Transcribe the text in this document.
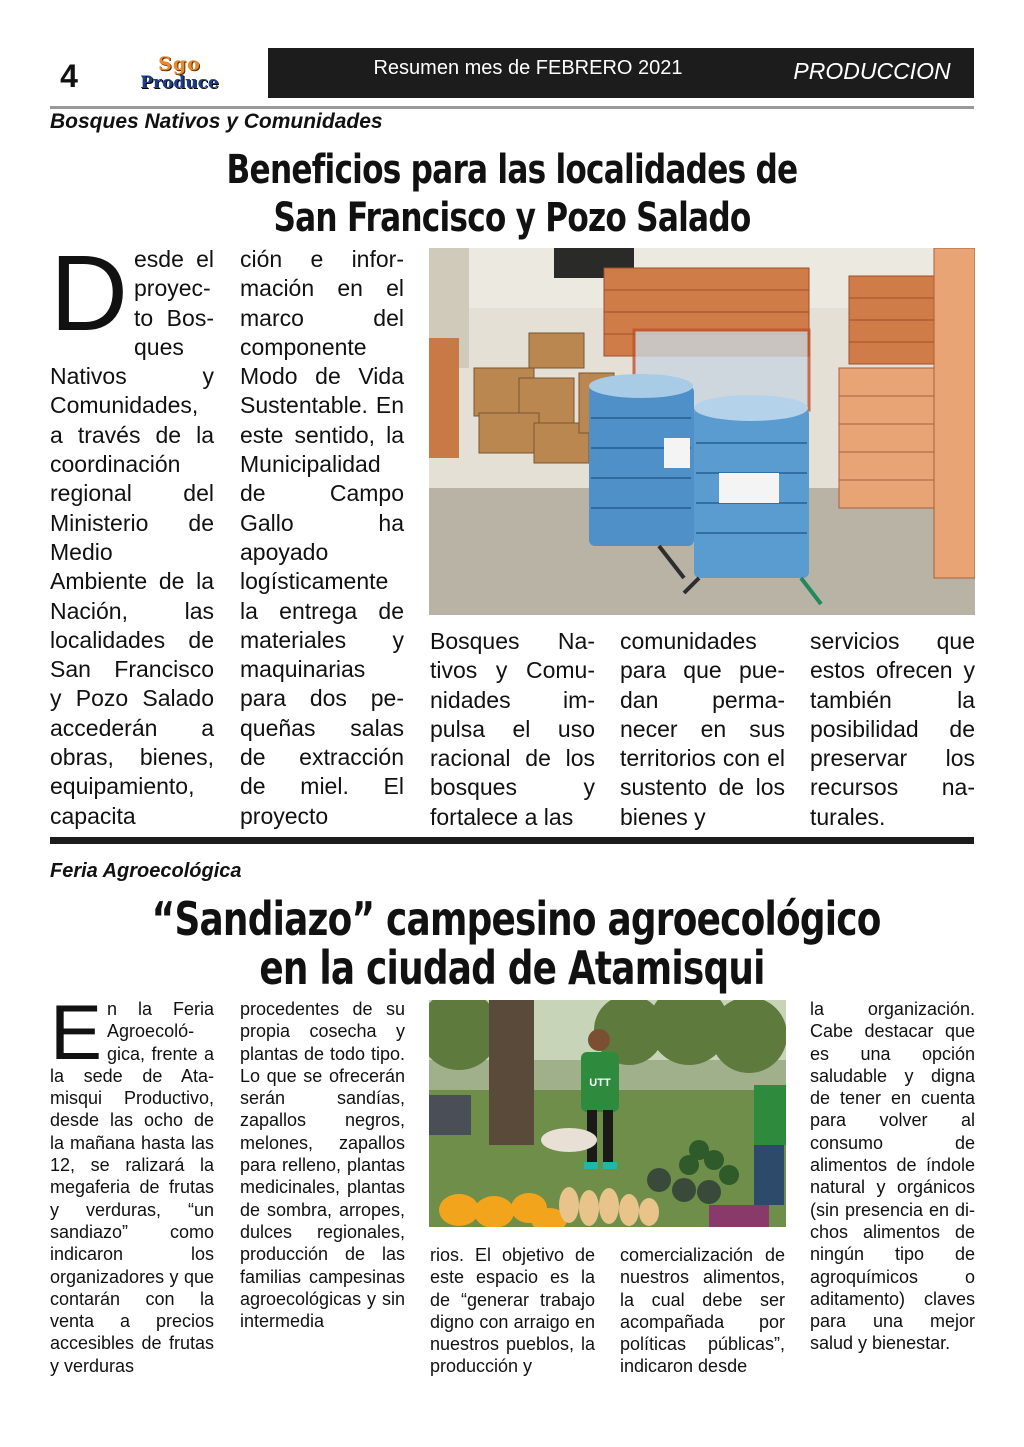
4	Sgo
Produce
Resumen mes de FEBRERO 2021	PRODUCCION
Bosques Nativos y Comunidades
Beneficios para las localidades de
San Francisco y Pozo Salado
Desde el proyecto Bosques Nativos y Comunidades, a través de la coordinación regional del Ministerio de Medio Ambiente de la Nación, las localidades de San Francisco y Pozo Salado accederán a obras, bienes, equipamiento, capacita
ción e información en el marco del componente Modo de Vida Sustentable. En este sentido, la Municipalidad de Campo Gallo ha apoyado logísticamente la entrega de materiales y maquinarias para dos pequeñas salas de extracción de miel. El proyecto
Bosques Nativos y Comunidades impulsa el uso racional de los bosques y fortalece a las
comunidades para que puedan permanecer en sus territorios con el sustento de los bienes y
servicios que estos ofrecen y también la posibilidad de preservar los recursos naturales.
Feria Agroecológica
“Sandiazo” campesino agroecológico
en la ciudad de Atamisqui
En la Feria Agroecológica, frente a la sede de Atamisqui Productivo, desde las ocho de la mañana hasta las 12, se ralizará la megaferia de frutas y verduras, “un sandiazo” como indicaron los organizadores y que contarán con la venta a precios accesibles de frutas y verduras
procedentes de su propia cosecha y plantas de todo tipo. Lo que se ofrecerán serán sandías, zapallos negros, melones, zapallos para relleno, plantas medicinales, plantas de sombra, arropes, dulces regionales, producción de las familias campesinas agroecológicas y sin intermedia
UTT
rios. El objetivo de este espacio es la de “generar trabajo digno con arraigo en nuestros pueblos, la producción y
comercialización de nuestros alimentos, la cual debe ser acompañada por políticas públicas”, indicaron desde
la organización. Cabe destacar que es una opción saludable y digna de tener en cuenta para volver al consumo de alimentos de índole natural y orgánicos (sin presencia en dichos alimentos de ningún tipo de agroquímicos o aditamento) claves para una mejor salud y bienestar.
